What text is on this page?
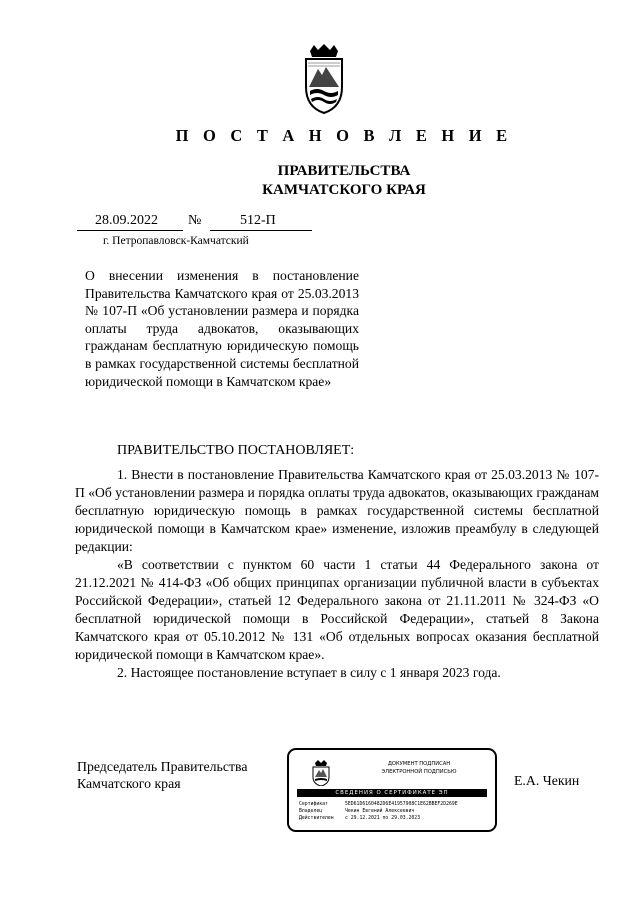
П О С Т А Н О В Л Е Н И Е
ПРАВИТЕЛЬСТВА
КАМЧАТСКОГО КРАЯ
28.09.2022 №	512-П
г. Петропавловск-Камчатский
О внесении изменения в постановление Правительства Камчатского края от 25.03.2013 № 107-П «Об установлении размера и порядка оплаты труда адвокатов, оказывающих гражданам бесплатную юридическую помощь в рамках государственной системы бесплатной юридической помощи в Камчатском крае»
ПРАВИТЕЛЬСТВО ПОСТАНОВЛЯЕТ:

1. Внести в постановление Правительства Камчатского края от 25.03.2013 № 107-П «Об установлении размера и порядка оплаты труда адвокатов, оказывающих гражданам бесплатную юридическую помощь в рамках государственной системы бесплатной юридической помощи в Камчатском крае» изменение, изложив преамбулу в следующей редакции:

«В соответствии с пунктом 60 части 1 статьи 44 Федерального закона от 21.12.2021 № 414-ФЗ «Об общих принципах организации публичной власти в субъектах Российской Федерации», статьей 12 Федерального закона от 21.11.2011 № 324-ФЗ «О бесплатной юридической помощи в Российской Федерации», статьей 8 Закона Камчатского края от 05.10.2012 № 131 «Об отдельных вопросах оказания бесплатной юридической помощи в Камчатском крае».

2. Настоящее постановление вступает в силу с 1 января 2023 года.

Председатель Правительства
Камчатского края
ДОКУМЕНТ ПОДПИСАН
ЭЛЕКТРОННОЙ ПОДПИСЬЮ
СВЕДЕНИЯ О СЕРТИФИКАТЕ ЭП
Сертификат	5ED61D6160482D6E41957908C1E62BBEF2D269E
Владелец	Чекин Евгений Алексеевич
Действителен с 29.12.2021 по 29.03.2023
Е.А. Чекин
